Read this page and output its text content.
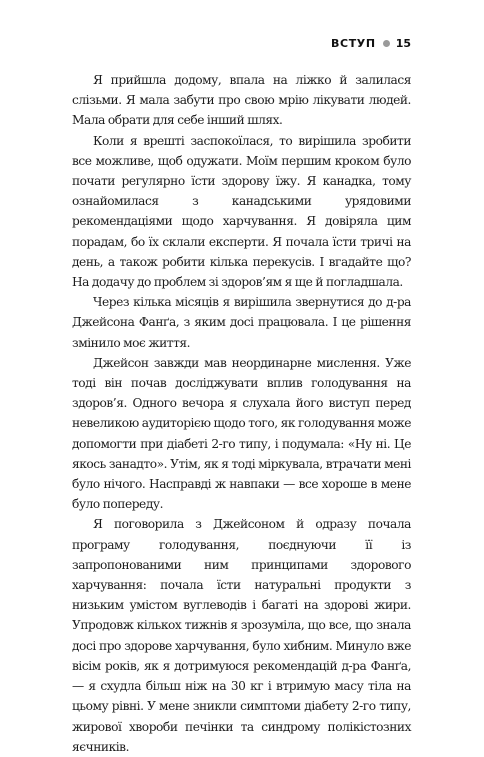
ВСТУП 15

Я прийшла додому, впала на ліжко й залилася слізьми. Я мала забути про свою мрію лікувати людей. Мала обрати для себе інший шлях.

Коли я врешті заспокоїлася, то вирішила зробити все можливе, щоб одужати. Моїм першим кроком було почати регулярно їсти здорову їжу. Я канадка, тому ознайомилася з канадськими урядовими рекомендаціями щодо харчування. Я довіряла цим порадам, бо їх склали експерти. Я почала їсти тричі на день, а також робити кілька перекусів. І вгадайте що? На додачу до проблем зі здоров’ям я ще й погладшала.

Через кілька місяців я вирішила звернутися до д-ра Джейсона Фанґа, з яким досі працювала. І це рішення змінило моє життя.

Джейсон завжди мав неординарне мислення. Уже тоді він почав досліджувати вплив голодування на здоров’я. Одного вечора я слухала його виступ перед невеликою аудиторією щодо того, як голодування може допомогти при діабеті 2-го типу, і подумала: «Ну ні. Це якось занадто». Утім, як я тоді міркувала, втрачати мені було нічого. Насправді ж навпаки — все хороше в мене було попереду.

Я поговорила з Джейсоном й одразу почала програму голодування, поєднуючи її із запропонованими ним принципами здорового харчування: почала їсти натуральні продукти з низьким умістом вуглеводів і багаті на здорові жири. Упродовж кількох тижнів я зрозуміла, що все, що знала досі про здорове харчування, було хибним. Минуло вже вісім років, як я дотримуюся рекомендацій д-ра Фанґа, — я схудла більш ніж на 30 кг і втримую масу тіла на цьому рівні. У мене зникли симптоми діабету 2-го типу, жирової хвороби печінки та синдрому полікістозних яєчників.
